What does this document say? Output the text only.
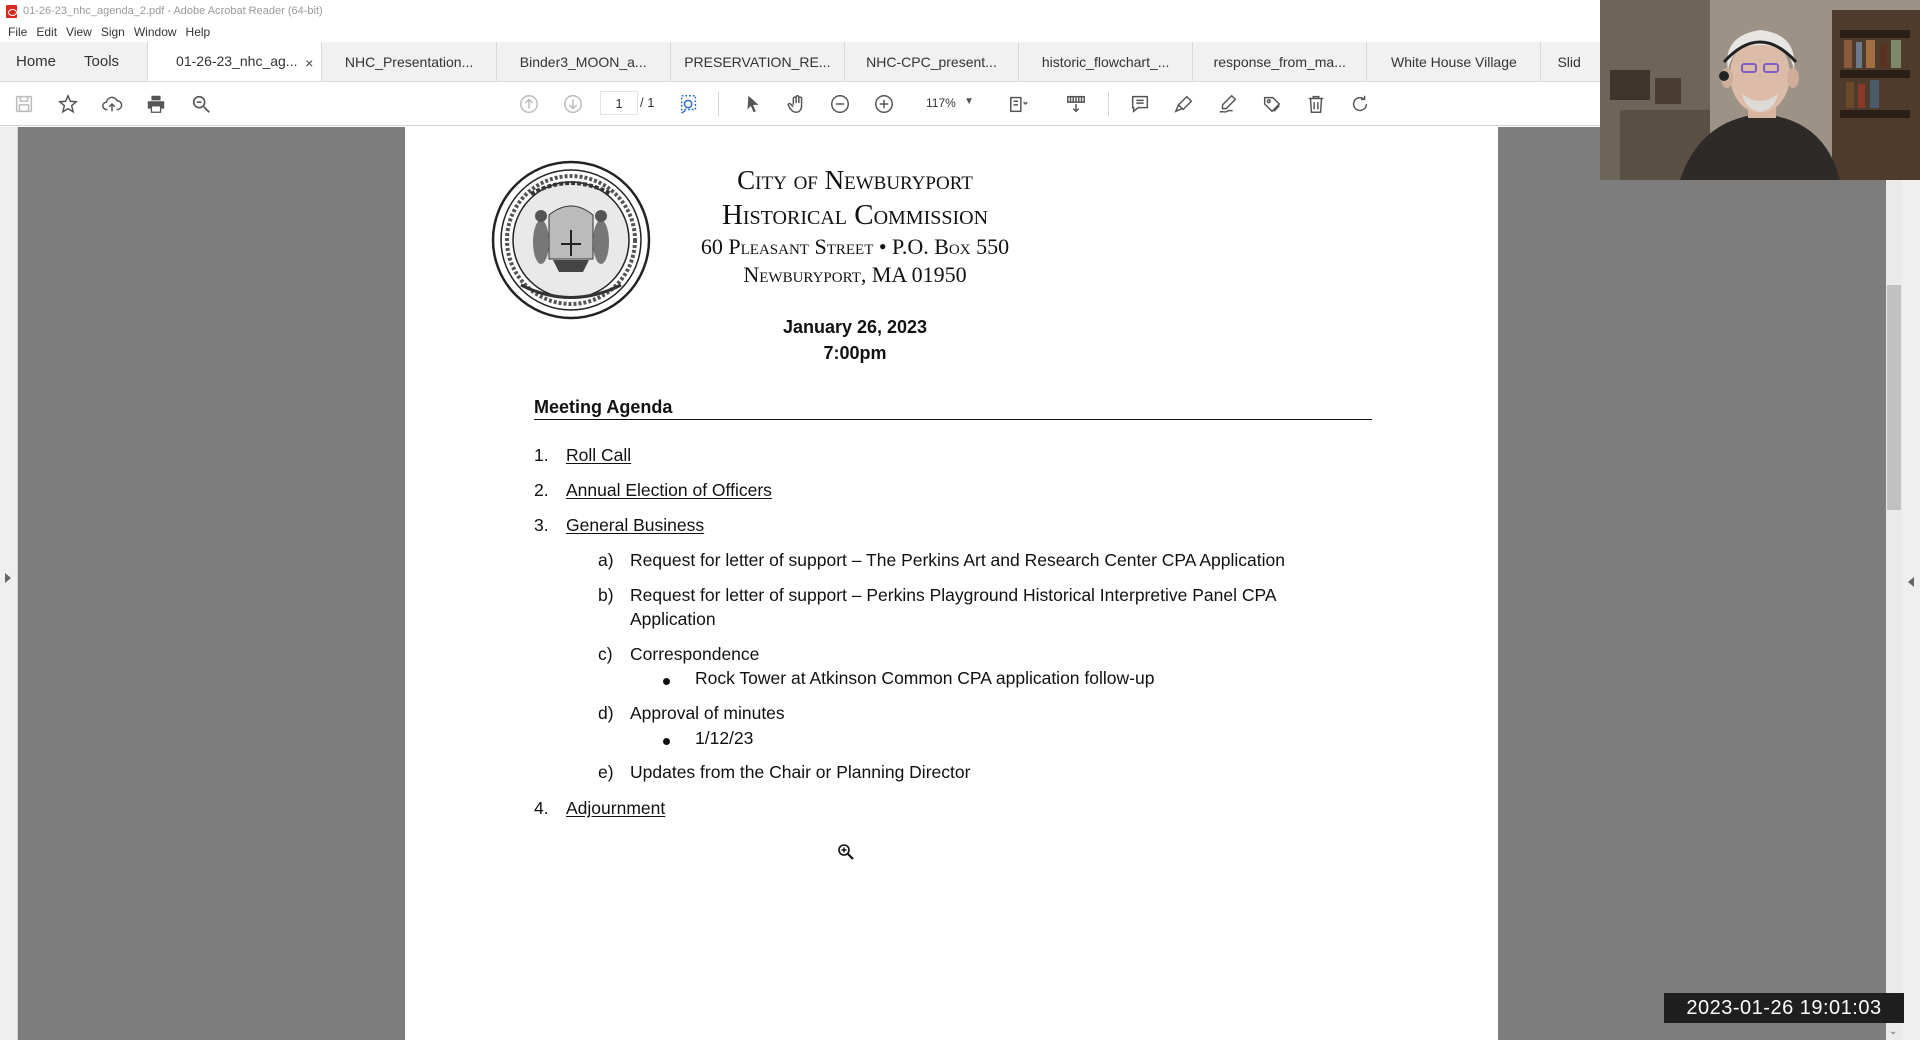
01-26-23_nhc_agenda_2.pdf - Adobe Acrobat Reader (64-bit)
File Edit View Sign Window Help
Home	Tools	01-26-23_nhc_ag... ×	NHC_Presentation...	Binder3_MOON_a...	PRESERVATION_RE...	NHC-CPC_present...	historic_flowchart_...	response_from_ma...	White House Village	Slid
1	/ 1	117% ▼
⌄
City of Newburyport
Historical Commission
60 Pleasant Street • P.O. Box 550
Newburyport, MA 01950
January 26, 2023
7:00pm
Meeting Agenda
1. Roll Call
2. Annual Election of Officers
3. General Business
a) Request for letter of support – The Perkins Art and Research Center CPA Application
b) Request for letter of support – Perkins Playground Historical Interpretive Panel CPA
Application
c) Correspondence
Rock Tower at Atkinson Common CPA application follow-up
d) Approval of minutes
1/12/23
e) Updates from the Chair or Planning Director
4. Adjournment
2023-01-26 19:01:03
